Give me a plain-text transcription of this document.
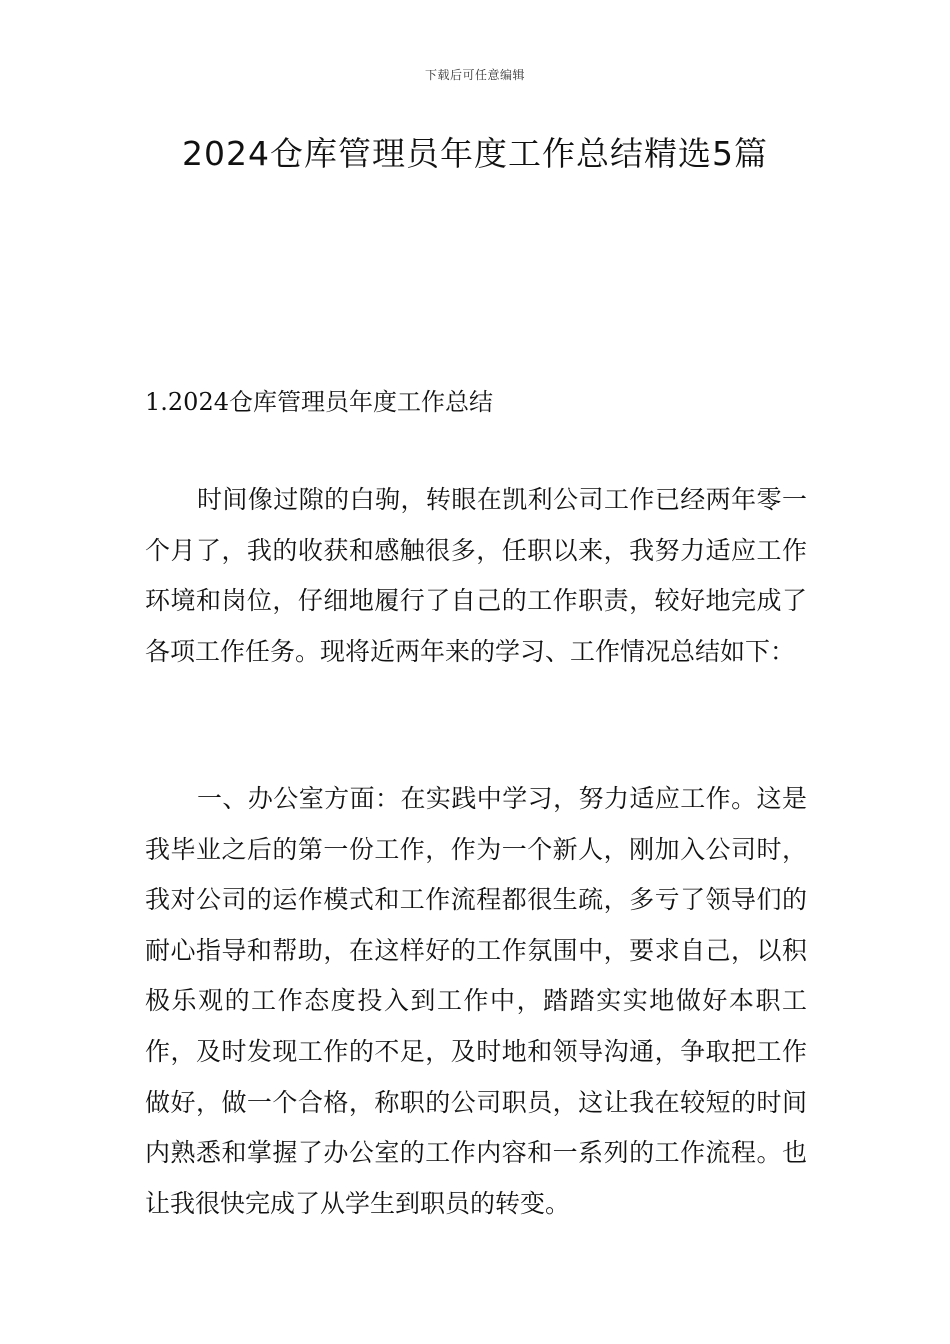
下载后可任意编辑
2024仓库管理员年度工作总结精选5篇
1.2024仓库管理员年度工作总结

时间像过隙的白驹，转眼在凯利公司工作已经两年零一个月了，我的收获和感触很多，任职以来，我努力适应工作环境和岗位，仔细地履行了自己的工作职责，较好地完成了各项工作任务。现将近两年来的学习、工作情况总结如下：

一、办公室方面：在实践中学习，努力适应工作。这是我毕业之后的第一份工作，作为一个新人，刚加入公司时，我对公司的运作模式和工作流程都很生疏，多亏了领导们的耐心指导和帮助，在这样好的工作氛围中，要求自己，以积极乐观的工作态度投入到工作中，踏踏实实地做好本职工作，及时发现工作的不足，及时地和领导沟通，争取把工作做好，做一个合格，称职的公司职员，这让我在较短的时间内熟悉和掌握了办公室的工作内容和一系列的工作流程。也让我很快完成了从学生到职员的转变。
